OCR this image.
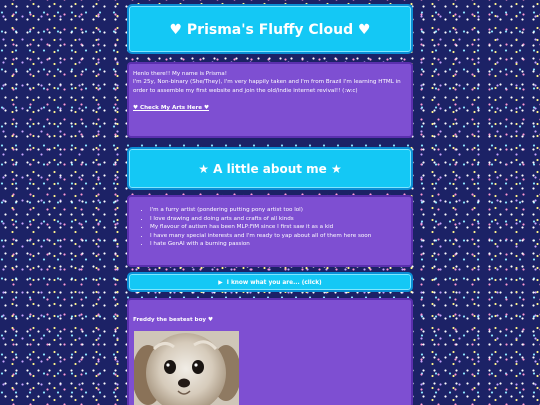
♥ Prisma's Fluffy Cloud ♥

Henlo there!! My name is Prisma!

I'm 25y, Non-binary (She/They), I'm very happily taken and I'm from Brazil I'm learning HTML in order to assemble my first website and join the old/indie internet revival!! (:w:c)

♥ Check My Arts Here ♥

★ A little about me ★
• I'm a furry artist (pondering putting pony artist too lol)
• I love drawing and doing arts and crafts of all kinds
• My flavour of autism has been MLP:FiM since I first saw it as a kid
• I have many special interests and I'm ready to yap about all of them here soon
• I hate GenAI with a burning passion
▶ I know what you are... (click)
Freddy the bestest boy ♥
